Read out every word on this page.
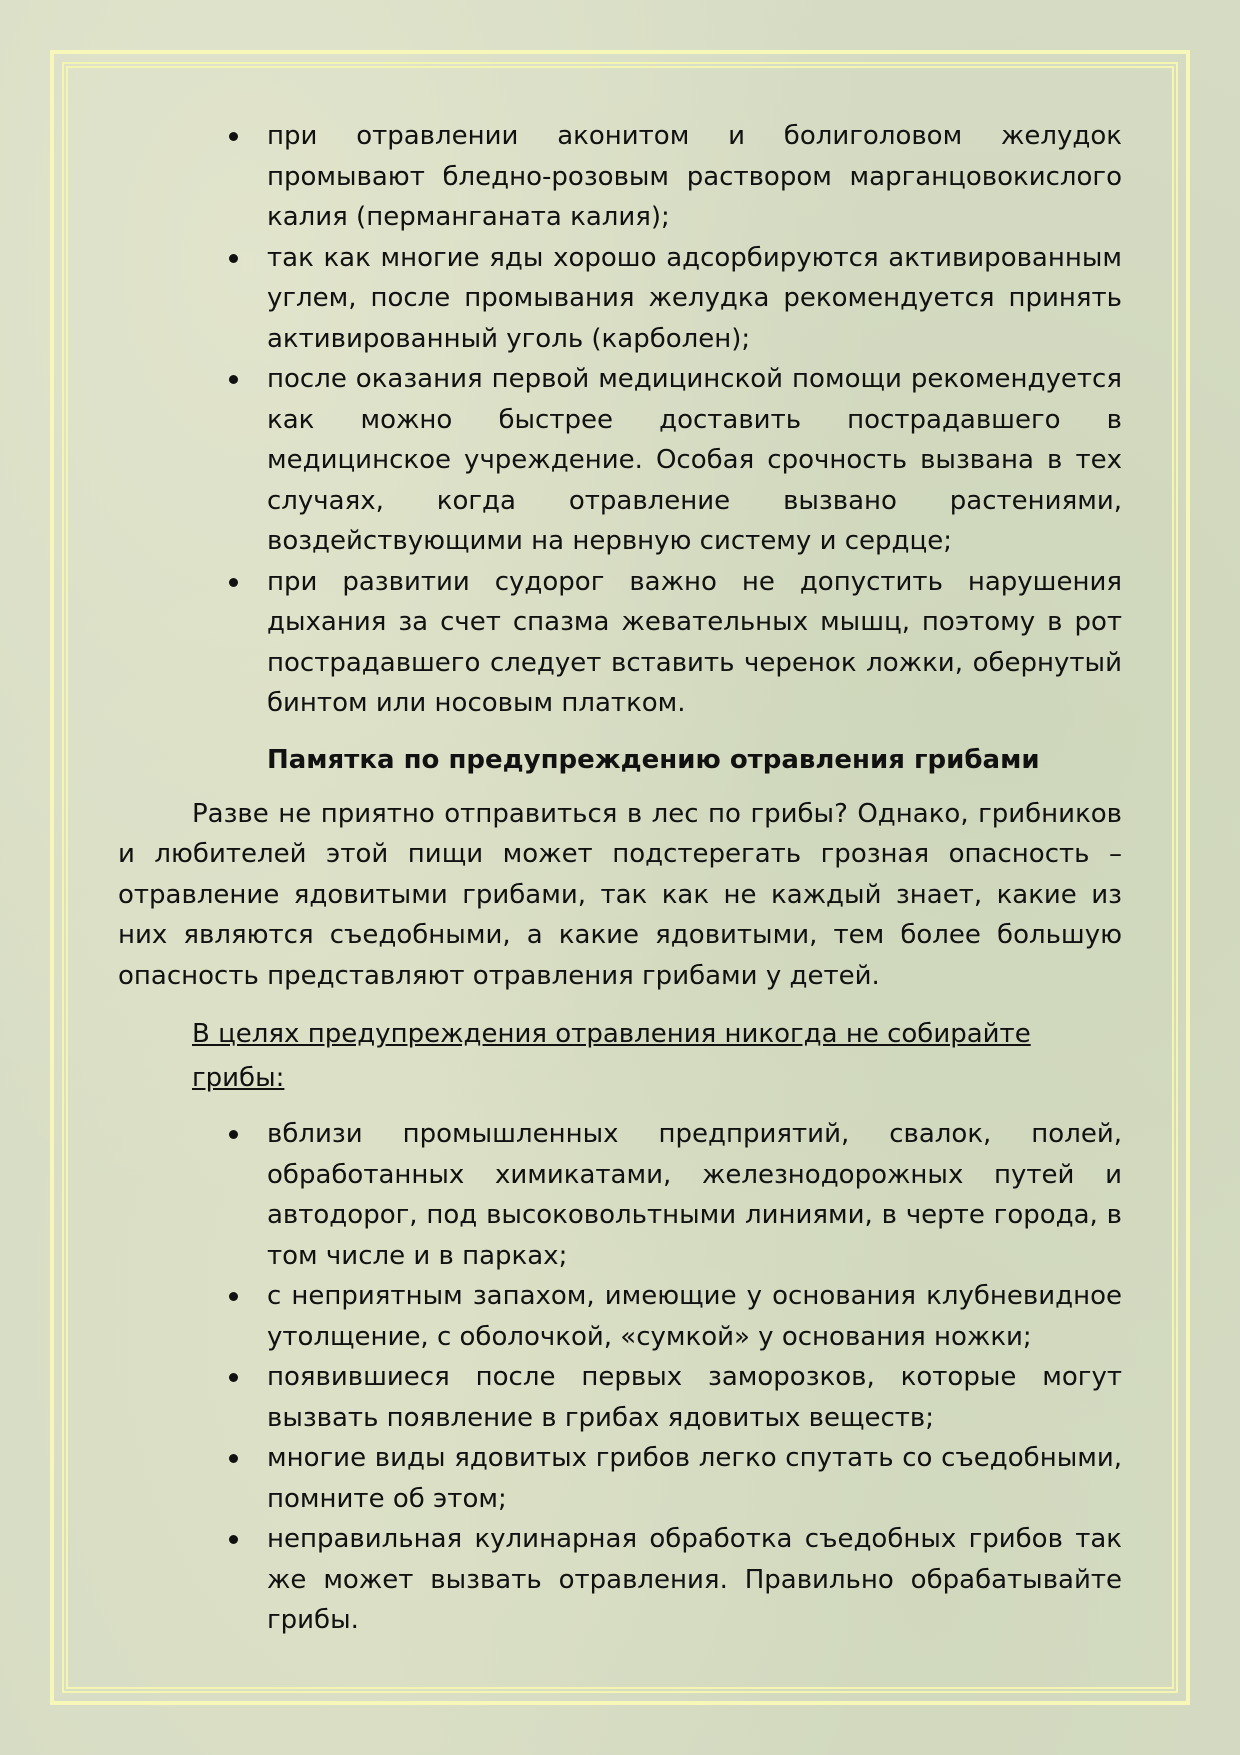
при отравлении аконитом и болиголовом желудок промывают бледно-розовым раствором марганцовокислого калия (перманганата калия);
так как многие яды хорошо адсорбируются активированным углем, после промывания желудка рекомендуется принять активированный уголь (карболен);
после оказания первой медицинской помощи рекомендуется как можно быстрее доставить пострадавшего в медицинское учреждение. Особая срочность вызвана в тех случаях, когда отравление вызвано растениями, воздействующими на нервную систему и сердце;
при развитии судорог важно не допустить нарушения дыхания за счет спазма жевательных мышц, поэтому в рот пострадавшего следует вставить черенок ложки, обернутый бинтом или носовым платком.
Памятка по предупреждению отравления грибами

Разве не приятно отправиться в лес по грибы? Однако, грибников и любителей этой пищи может подстерегать грозная опасность – отравление ядовитыми грибами, так как не каждый знает, какие из них являются съедобными, а какие ядовитыми, тем более большую опасность представляют отравления грибами у детей.

В целях предупреждения отравления никогда не собирайте грибы:
вблизи промышленных предприятий, свалок, полей, обработанных химикатами, железнодорожных путей и автодорог, под высоковольтными линиями, в черте города, в том числе и в парках;
с неприятным запахом, имеющие у основания клубневидное утолщение, с оболочкой, «сумкой» у основания ножки;
появившиеся после первых заморозков, которые могут вызвать появление в грибах ядовитых веществ;
многие виды ядовитых грибов легко спутать со съедобными, помните об этом;
неправильная кулинарная обработка съедобных грибов так же может вызвать отравления. Правильно обрабатывайте грибы.
